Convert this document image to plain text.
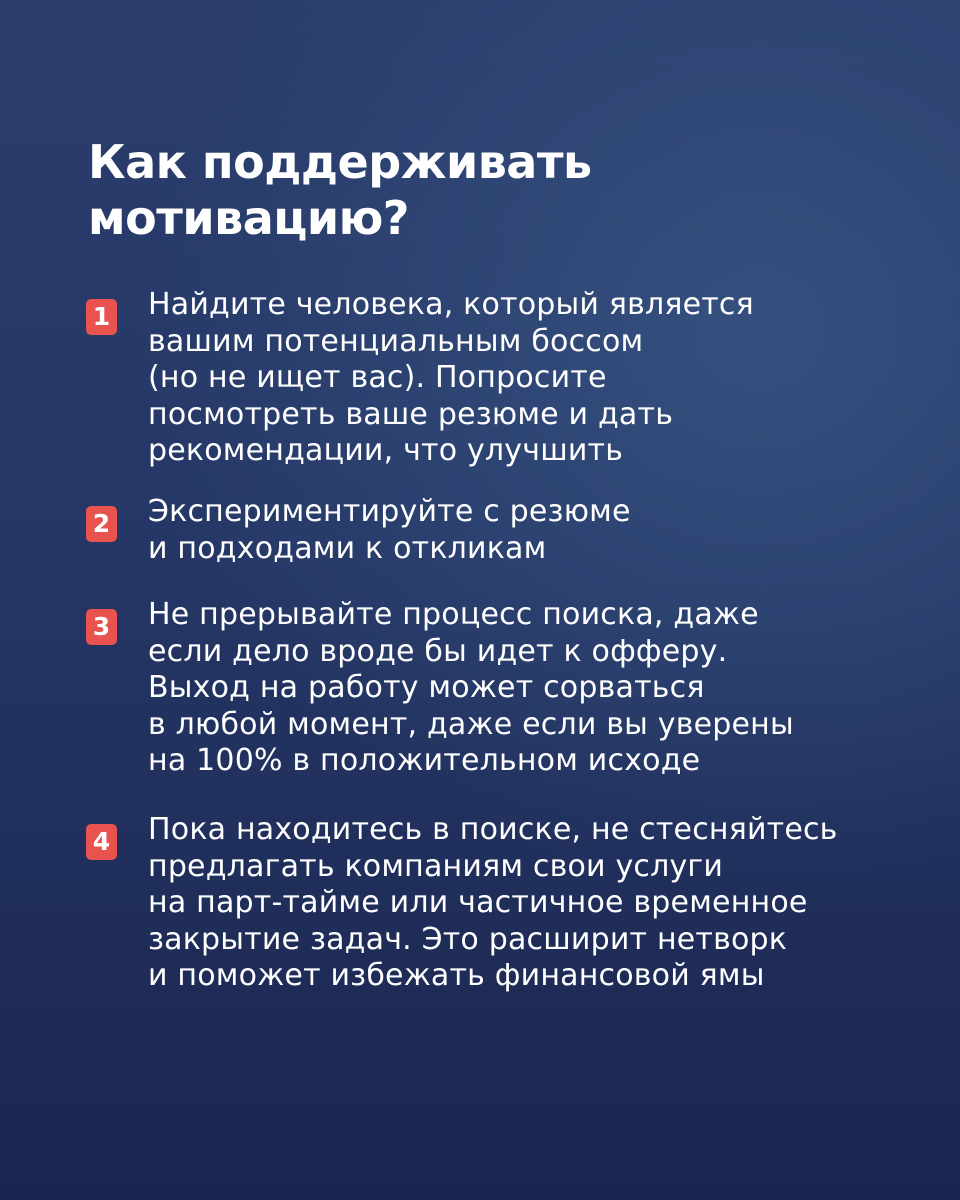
Как поддерживать
мотивацию?
1 Найдите человека, который является
вашим потенциальным боссом
(но не ищет вас). Попросите
посмотреть ваше резюме и дать
рекомендации, что улучшить
2 Экспериментируйте с резюме
и подходами к откликам
3 Не прерывайте процесс поиска, даже
если дело вроде бы идет к офферу.
Выход на работу может сорваться
в любой момент, даже если вы уверены
на 100% в положительном исходе
4 Пока находитесь в поиске, не стесняйтесь
предлагать компаниям свои услуги
на парт-тайме или частичное временное
закрытие задач. Это расширит нетворк
и поможет избежать финансовой ямы
